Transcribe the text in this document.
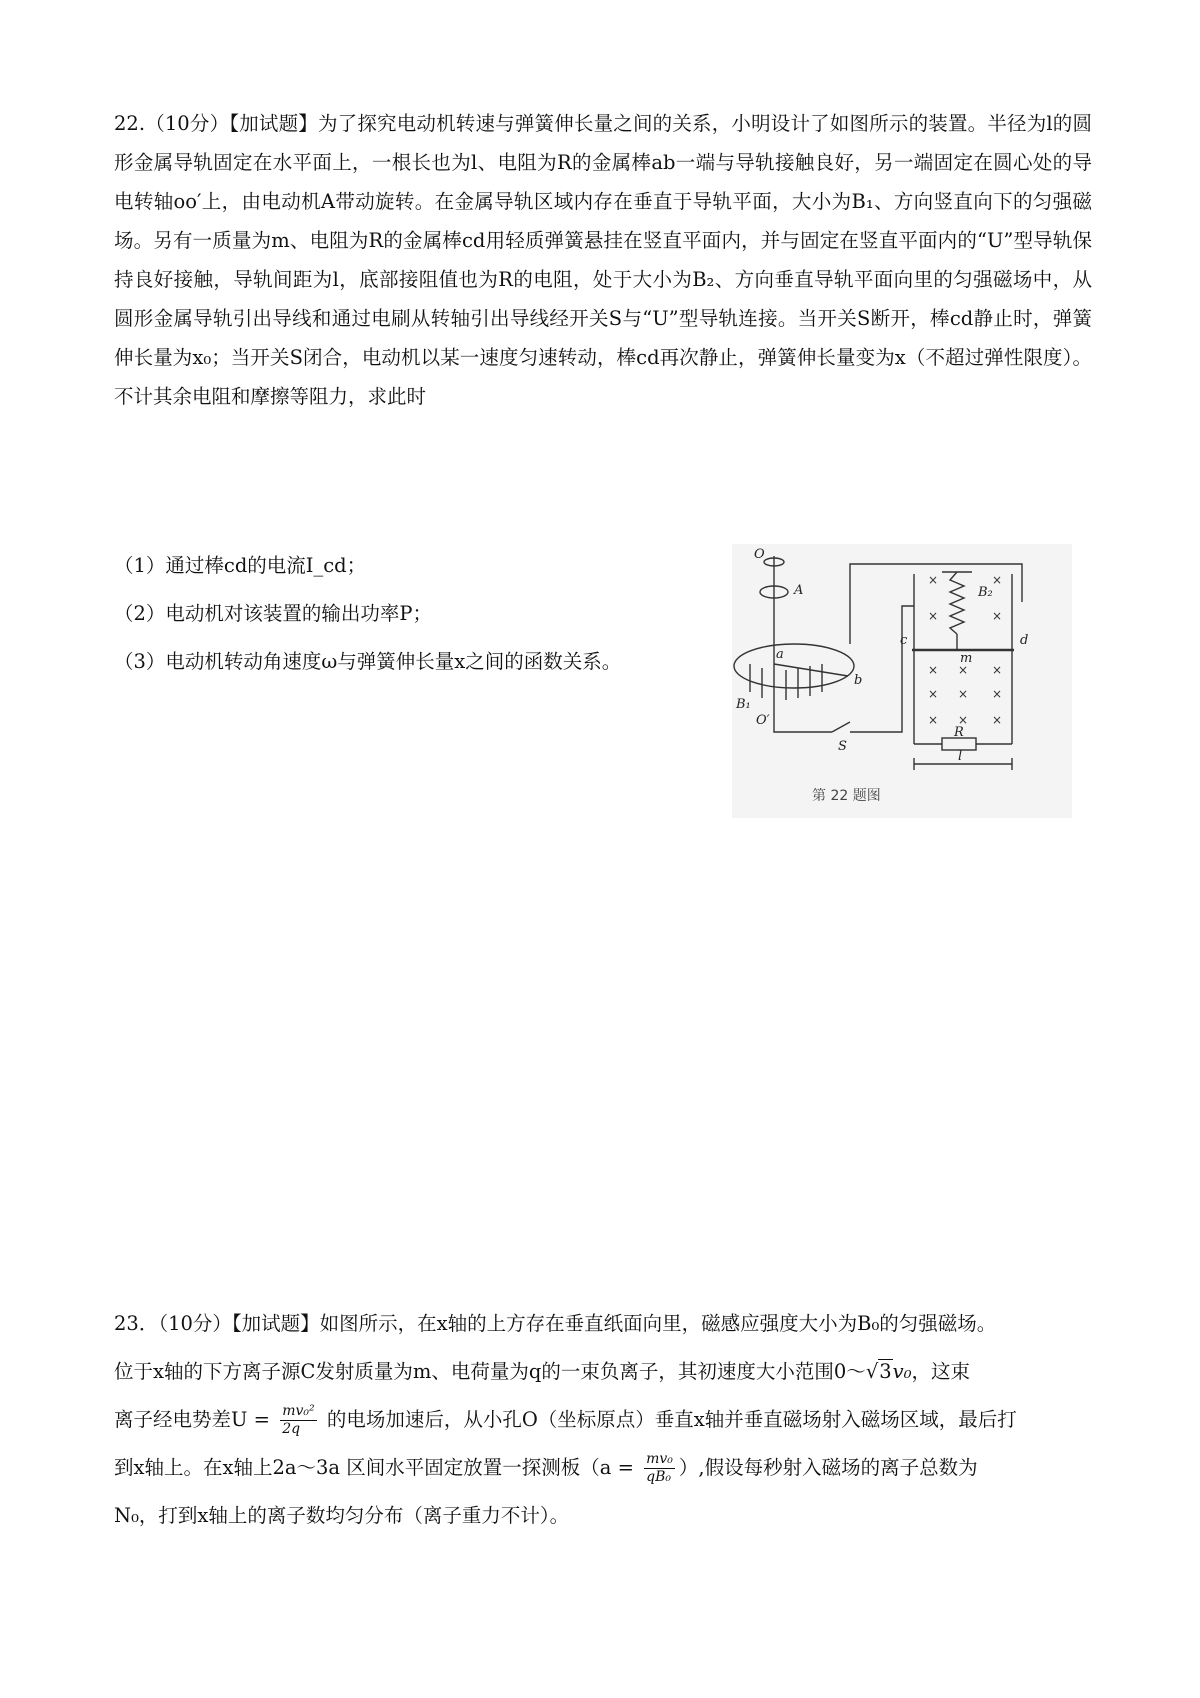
22.（10分）【加试题】为了探究电动机转速与弹簧伸长量之间的关系，小明设计了如图所示的装置。半径为l的圆形金属导轨固定在水平面上，一根长也为l、电阻为R的金属棒ab一端与导轨接触良好，另一端固定在圆心处的导电转轴oo′上，由电动机A带动旋转。在金属导轨区域内存在垂直于导轨平面，大小为B₁、方向竖直向下的匀强磁场。另有一质量为m、电阻为R的金属棒cd用轻质弹簧悬挂在竖直平面内，并与固定在竖直平面内的“U”型导轨保持良好接触，导轨间距为l，底部接阻值也为R的电阻，处于大小为B₂、方向垂直导轨平面向里的匀强磁场中，从圆形金属导轨引出导线和通过电刷从转轴引出导线经开关S与“U”型导轨连接。当开关S断开，棒cd静止时，弹簧伸长量为x₀；当开关S闭合，电动机以某一速度匀速转动，棒cd再次静止，弹簧伸长量变为x（不超过弹性限度）。不计其余电阻和摩擦等阻力，求此时
（1）通过棒cd的电流I_cd；
（2）电动机对该装置的输出功率P；
（3）电动机转动角速度ω与弹簧伸长量x之间的函数关系。
×	×
×	×
× × ×
× × ×
× × ×
O
A
a
b
c	d
B₁
B₂
m
R
O′
S
l
第 22 题图
23．（10分）【加试题】如图所示，在x轴的上方存在垂直纸面向里，磁感应强度大小为B₀的匀强磁场。
位于x轴的下方离子源C发射质量为m、电荷量为q的一束负离子，其初速度大小范围0～√3v₀，这束
离子经电势差$U = \frac{\text{mv₀²}}{2q}$ 的电场加速后，从小孔O（坐标原点）垂直x轴并垂直磁场射入磁场区域，最后打
到x轴上。在x轴上2a～3a 区间水平固定放置一探测板（$a = \frac{\text{mv₀}}{\text{qB₀}}$ ）,假设每秒射入磁场的离子总数为
N₀，打到x轴上的离子数均匀分布（离子重力不计）。
